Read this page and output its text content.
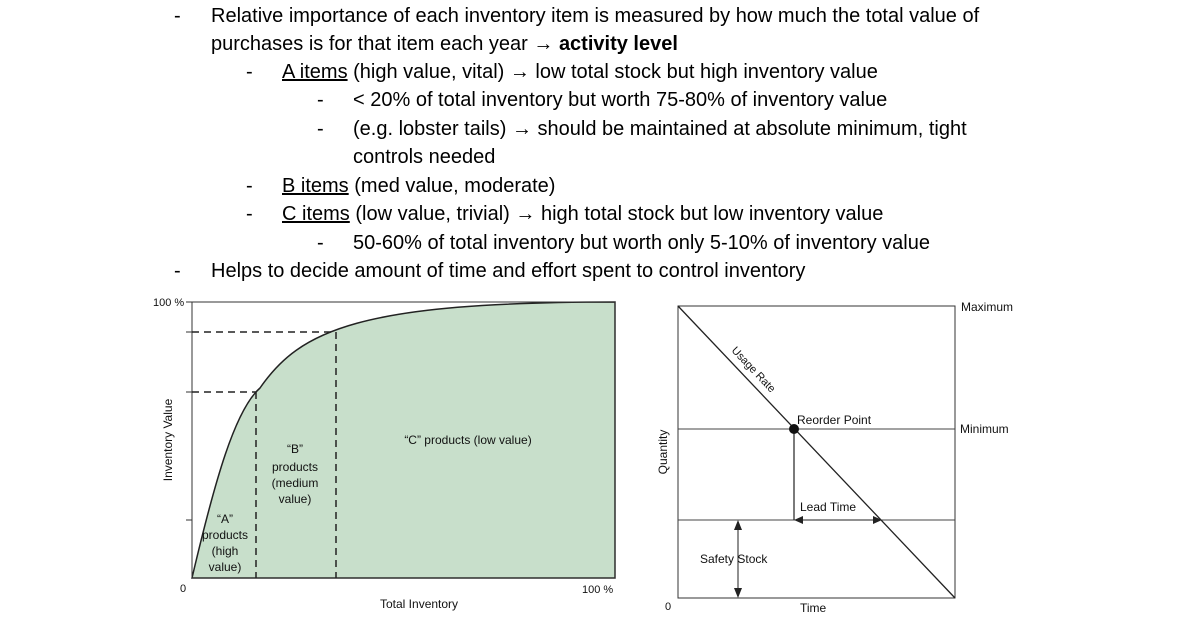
- Relative importance of each inventory item is measured by how much the total value of
purchases is for that item each year → activity level
- A items (high value, vital) → low total stock but high inventory value
- < 20% of total inventory but worth 75-80% of inventory value
- (e.g. lobster tails) → should be maintained at absolute minimum, tight
controls needed
- B items (med value, moderate)
- C items (low value, trivial) → high total stock but low inventory value
- 50-60% of total inventory but worth only 5-10% of inventory value
- Helps to decide amount of time and effort spent to control inventory
100 %
0	100 %
Total Inventory
Inventory Value
“A”
products
(high
value)
“B”
products
(medium
value)
“C” products (low value)
Maximum
Minimum
0	Time
Quantity
Usage Rate
Reorder Point
Lead Time
Safety Stock
